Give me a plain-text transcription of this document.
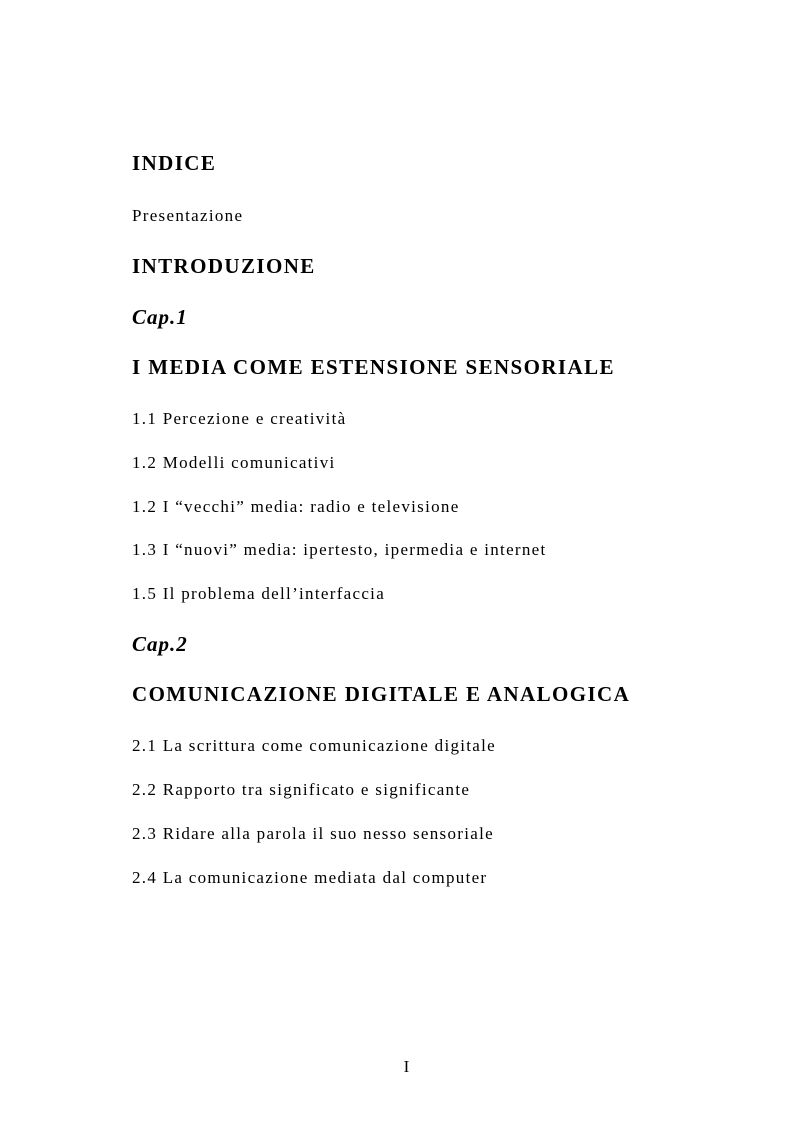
INDICE
Presentazione
INTRODUZIONE
Cap.1
I MEDIA COME ESTENSIONE SENSORIALE
1.1 Percezione e creatività
1.2 Modelli comunicativi
1.2 I “vecchi” media: radio e televisione
1.3 I “nuovi” media: ipertesto, ipermedia e internet
1.5 Il problema dell’interfaccia
Cap.2
COMUNICAZIONE DIGITALE E ANALOGICA
2.1 La scrittura come comunicazione digitale
2.2 Rapporto tra significato e significante
2.3 Ridare alla parola il suo nesso sensoriale
2.4 La comunicazione mediata dal computer
I
